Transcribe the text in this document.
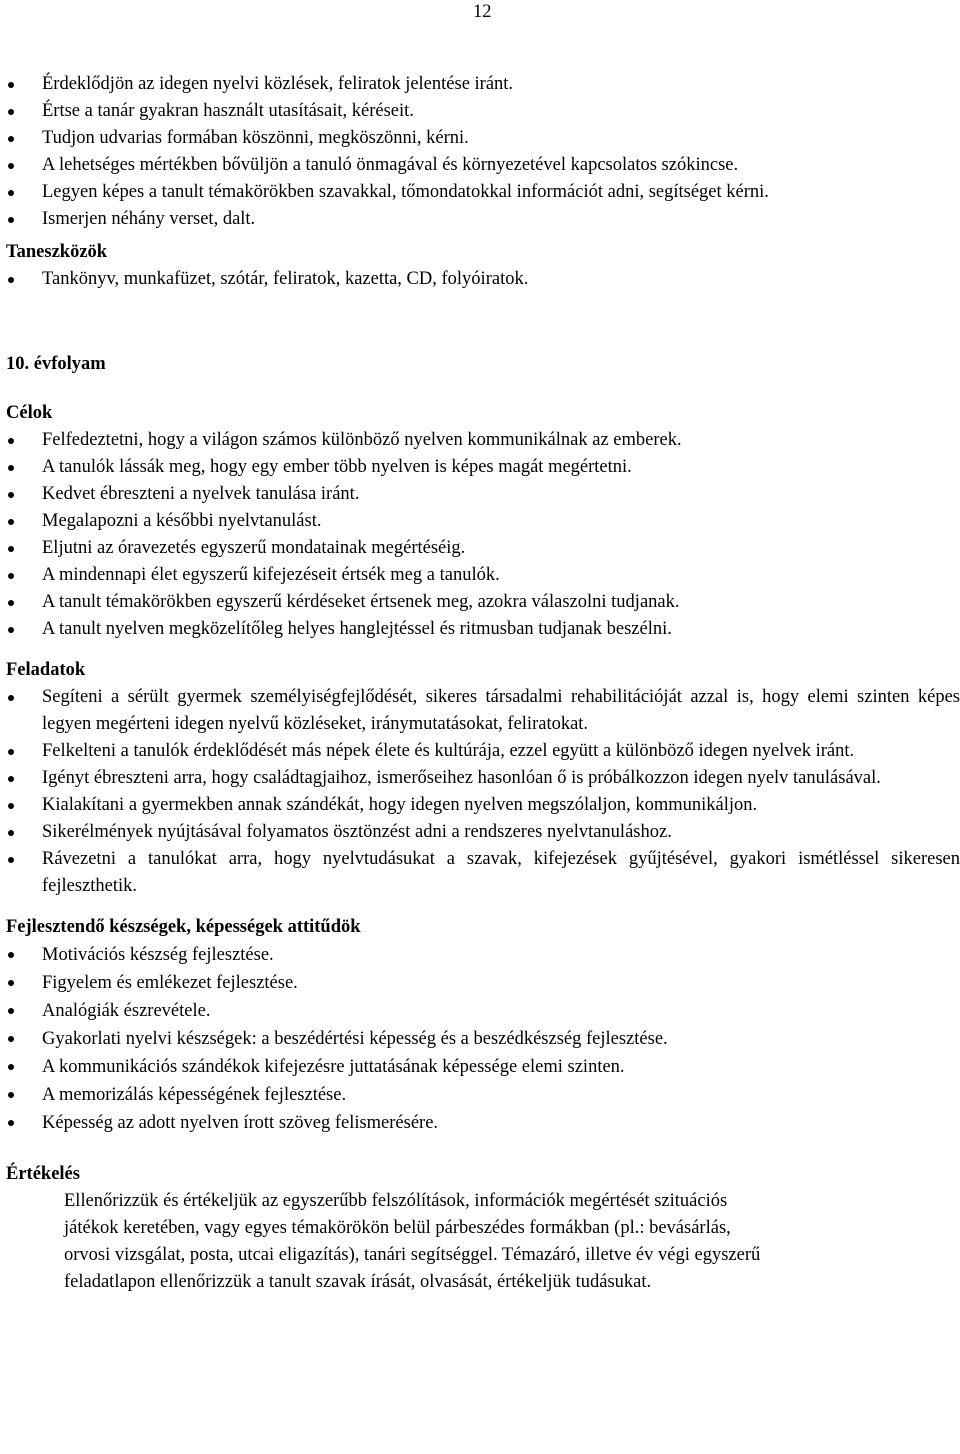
12
Érdeklődjön az idegen nyelvi közlések, feliratok jelentése iránt.
Értse a tanár gyakran használt utasításait, kéréseit.
Tudjon udvarias formában köszönni, megköszönni, kérni.
A lehetséges mértékben bővüljön a tanuló önmagával és környezetével kapcsolatos szókincse.
Legyen képes a tanult témakörökben szavakkal, tőmondatokkal információt adni, segítséget kérni.
Ismerjen néhány verset, dalt.

Taneszközök

Tankönyv, munkafüzet, szótár, feliratok, kazetta, CD, folyóiratok.

10. évfolyam

Célok

Felfedeztetni, hogy a világon számos különböző nyelven kommunikálnak az emberek.
A tanulók lássák meg, hogy egy ember több nyelven is képes magát megértetni.
Kedvet ébreszteni a nyelvek tanulása iránt.
Megalapozni a későbbi nyelvtanulást.
Eljutni az óravezetés egyszerű mondatainak megértéséig.
A mindennapi élet egyszerű kifejezéseit értsék meg a tanulók.
A tanult témakörökben egyszerű kérdéseket értsenek meg, azokra válaszolni tudjanak.
A tanult nyelven megközelítőleg helyes hanglejtéssel és ritmusban tudjanak beszélni.

Feladatok

Segíteni a sérült gyermek személyiségfejlődését, sikeres társadalmi rehabilitációját azzal is, hogy elemi szinten képes legyen megérteni idegen nyelvű közléseket, iránymutatásokat, feliratokat.
Felkelteni a tanulók érdeklődését más népek élete és kultúrája, ezzel együtt a különböző idegen nyelvek iránt.
Igényt ébreszteni arra, hogy családtagjaihoz, ismerőseihez hasonlóan ő is próbálkozzon idegen nyelv tanulásával.
Kialakítani a gyermekben annak szándékát, hogy idegen nyelven megszólaljon, kommunikáljon.
Sikerélmények nyújtásával folyamatos ösztönzést adni a rendszeres nyelvtanuláshoz.
Rávezetni a tanulókat arra, hogy nyelvtudásukat a szavak, kifejezések gyűjtésével, gyakori ismétléssel sikeresen fejleszthetik.

Fejlesztendő készségek, képességek attitűdök

Motivációs készség fejlesztése.
Figyelem és emlékezet fejlesztése.
Analógiák észrevétele.
Gyakorlati nyelvi készségek: a beszédértési képesség és a beszédkészség fejlesztése.
A kommunikációs szándékok kifejezésre juttatásának képessége elemi szinten.
A memorizálás képességének fejlesztése.
Képesség az adott nyelven írott szöveg felismerésére.

Értékelés

Ellenőrizzük és értékeljük az egyszerűbb felszólítások, információk megértését szituációs
játékok keretében, vagy egyes témakörökön belül párbeszédes formákban (pl.: bevásárlás,
orvosi vizsgálat, posta, utcai eligazítás), tanári segítséggel. Témazáró, illetve év végi egyszerű
feladatlapon ellenőrizzük a tanult szavak írását, olvasását, értékeljük tudásukat.
